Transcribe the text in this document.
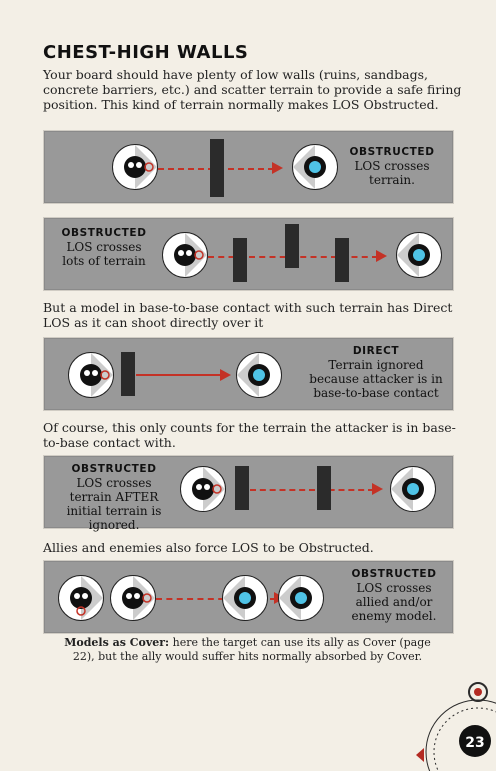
CHEST-HIGH WALLS
Your board should have plenty of low walls (ruins, sandbags, concrete barriers, etc.) and scatter terrain to provide a safe firing position. This kind of terrain normally makes LOS Obstructed.
OBSTRUCTED
LOS crosses terrain.
OBSTRUCTED
LOS crosses lots of terrain
But a model in base-to-base contact with such terrain has Direct LOS as it can shoot directly over it
DIRECT
Terrain ignored because attacker is in base-to-base contact
Of course, this only counts for the terrain the attacker is in base-to-base contact with.
OBSTRUCTED
LOS crosses terrain AFTER initial terrain is ignored.
Allies and enemies also force LOS to be Obstructed.
OBSTRUCTED
LOS crosses allied and/or enemy model.
Models as Cover: here the target can use its ally as Cover (page 22), but the ally would suffer hits normally absorbed by Cover.
23
